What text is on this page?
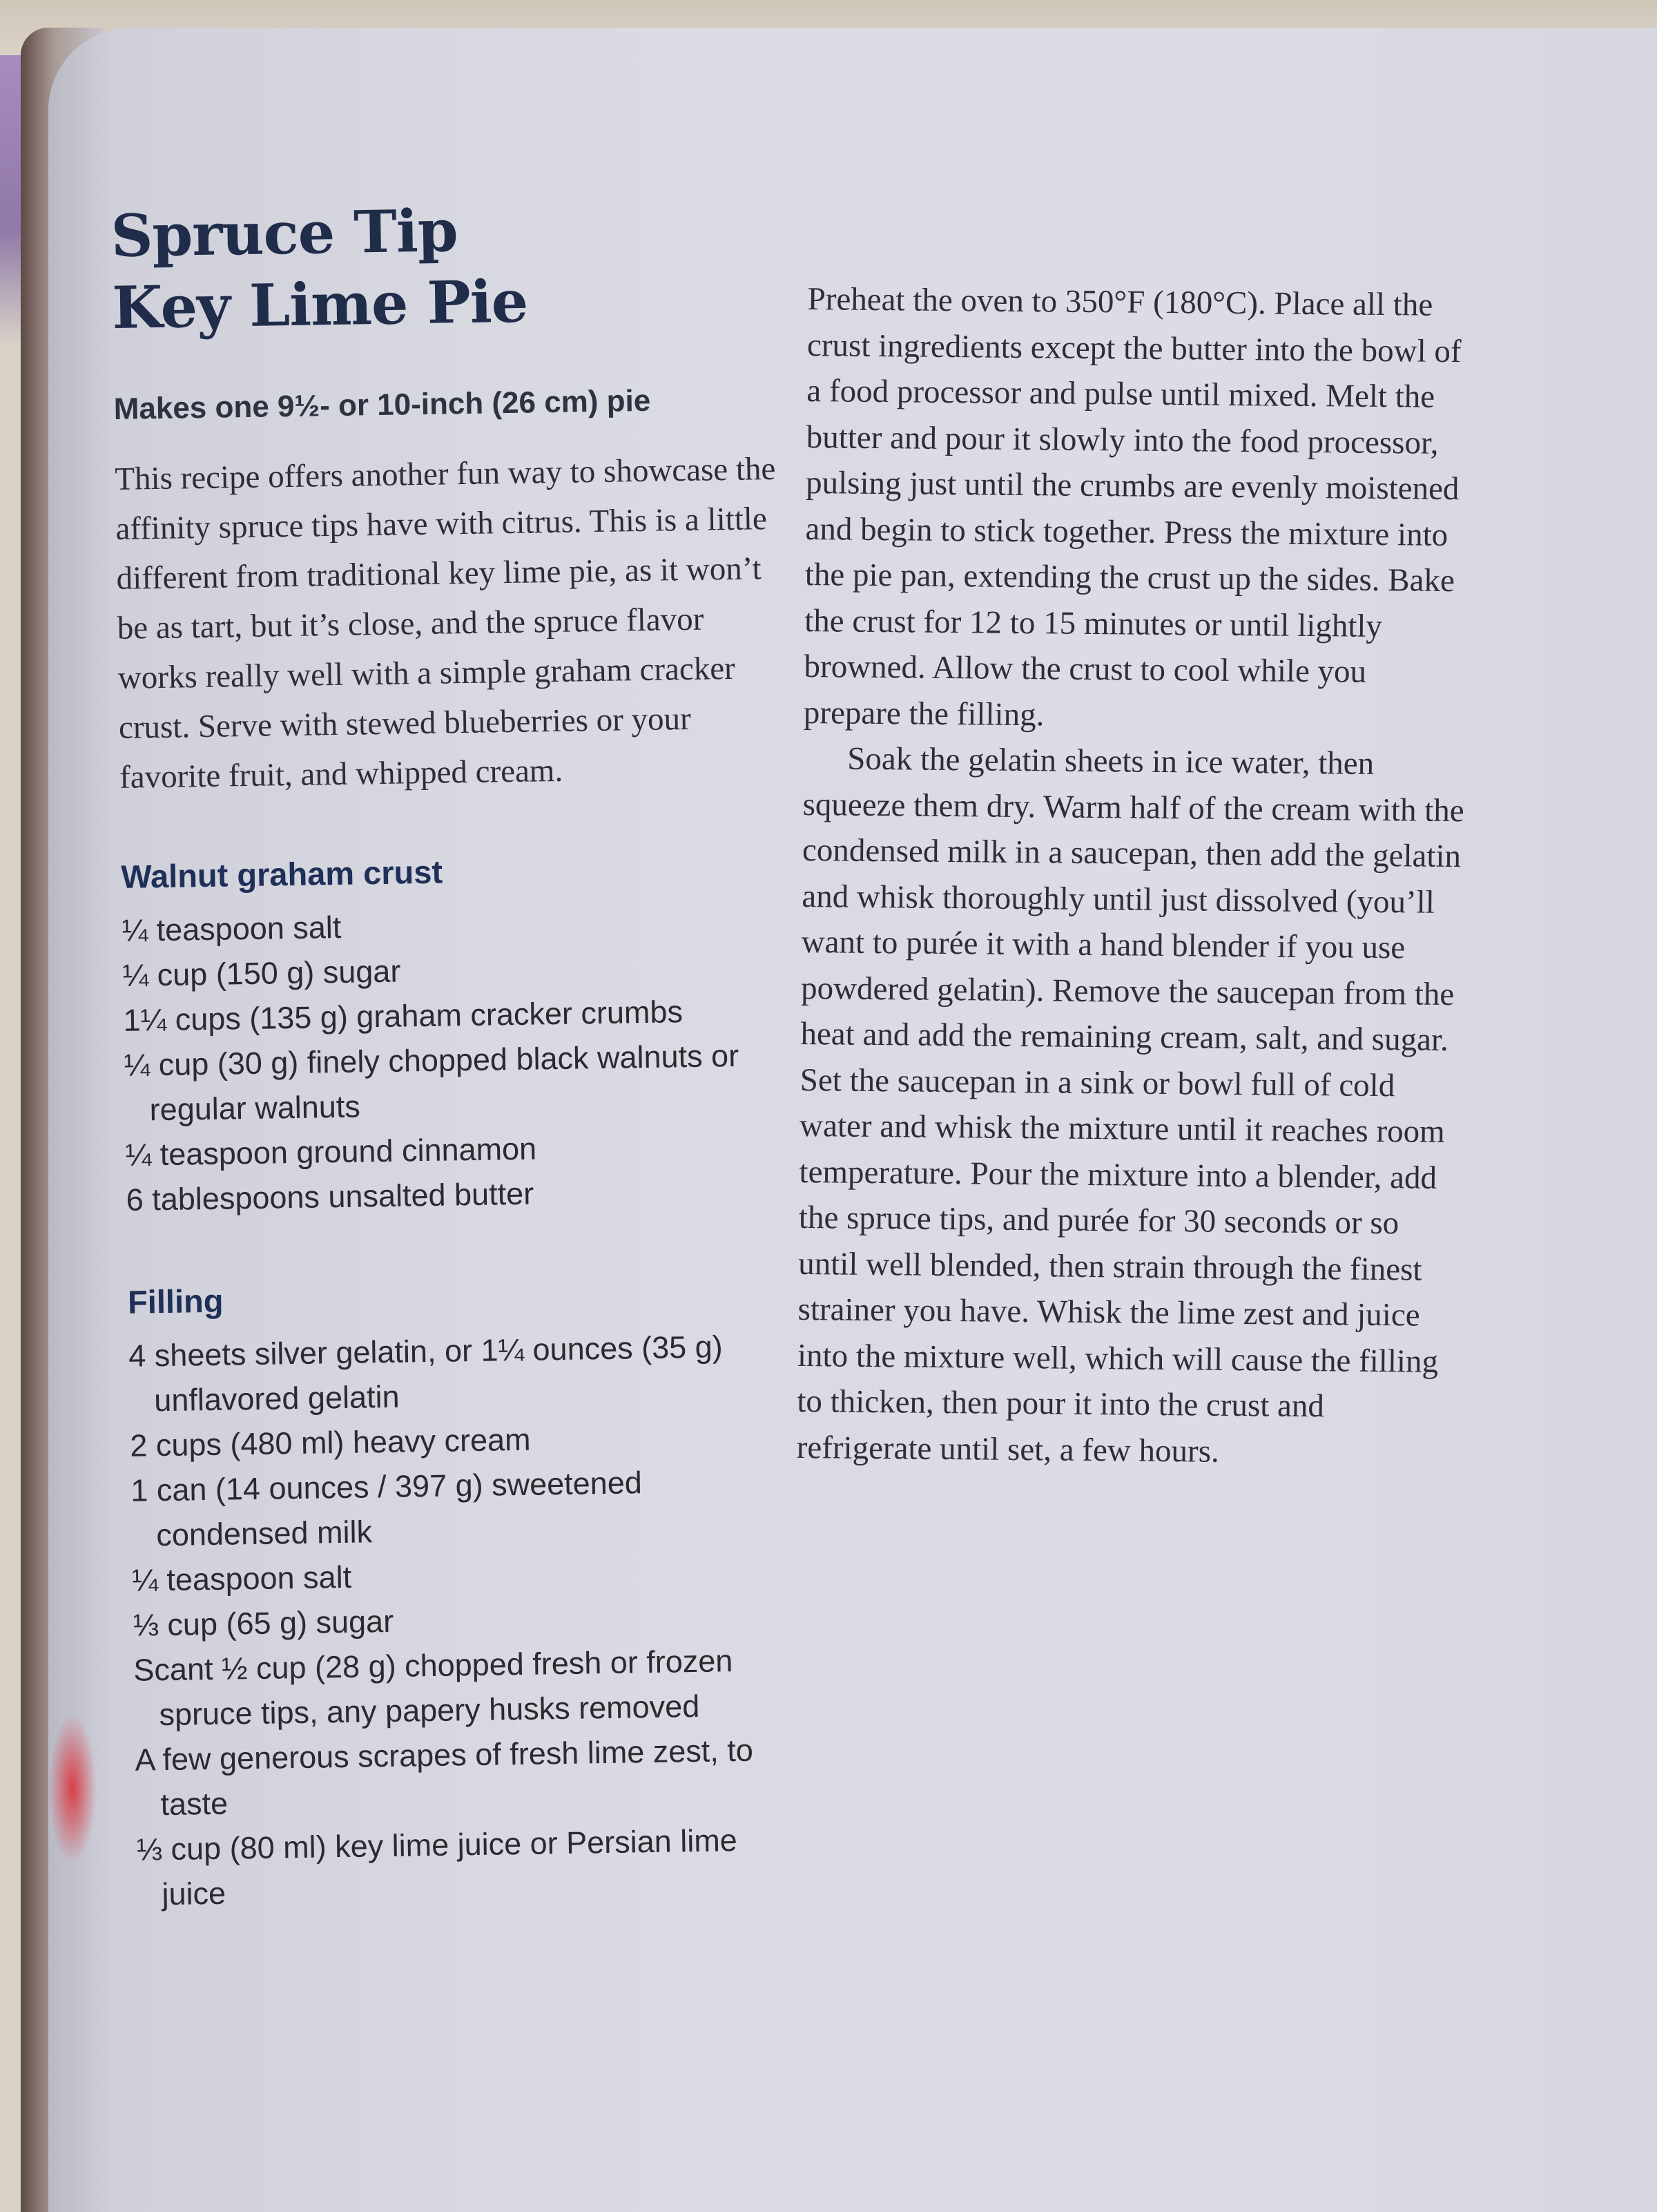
Spruce Tip
Key Lime Pie
Makes one 9½- or 10-inch (26 cm) pie

This recipe offers another fun way to showcase the affinity spruce tips have with citrus. This is a little different from traditional key lime pie, as it won’t be as tart, but it’s close, and the spruce flavor works really well with a simple graham cracker crust. Serve with stewed blueberries or your favorite fruit, and whipped cream.

Walnut graham crust
¼ teaspoon salt
¼ cup (150 g) sugar
1¼ cups (135 g) graham cracker crumbs
¼ cup (30 g) finely chopped black walnuts or regular walnuts
¼ teaspoon ground cinnamon
6 tablespoons unsalted butter
Filling
4 sheets silver gelatin, or 1¼ ounces (35 g) unflavored gelatin
2 cups (480 ml) heavy cream
1 can (14 ounces / 397 g) sweetened condensed milk
¼ teaspoon salt
⅓ cup (65 g) sugar
Scant ½ cup (28 g) chopped fresh or frozen spruce tips, any papery husks removed
A few generous scrapes of fresh lime zest, to taste
⅓ cup (80 ml) key lime juice or Persian lime juice

Preheat the oven to 350°F (180°C). Place all the crust ingredients except the butter into the bowl of a food processor and pulse until mixed. Melt the butter and pour it slowly into the food processor, pulsing just until the crumbs are evenly moistened and begin to stick together. Press the mixture into the pie pan, extending the crust up the sides. Bake the crust for 12 to 15 minutes or until lightly browned. Allow the crust to cool while you prepare the filling.

Soak the gelatin sheets in ice water, then squeeze them dry. Warm half of the cream with the condensed milk in a saucepan, then add the gelatin and whisk thoroughly until just dissolved (you’ll want to purée it with a hand blender if you use powdered gelatin). Remove the saucepan from the heat and add the remaining cream, salt, and sugar. Set the saucepan in a sink or bowl full of cold water and whisk the mixture until it reaches room temperature. Pour the mixture into a blender, add the spruce tips, and purée for 30 seconds or so until well blended, then strain through the finest strainer you have. Whisk the lime zest and juice into the mixture well, which will cause the filling to thicken, then pour it into the crust and refrigerate until set, a few hours.
